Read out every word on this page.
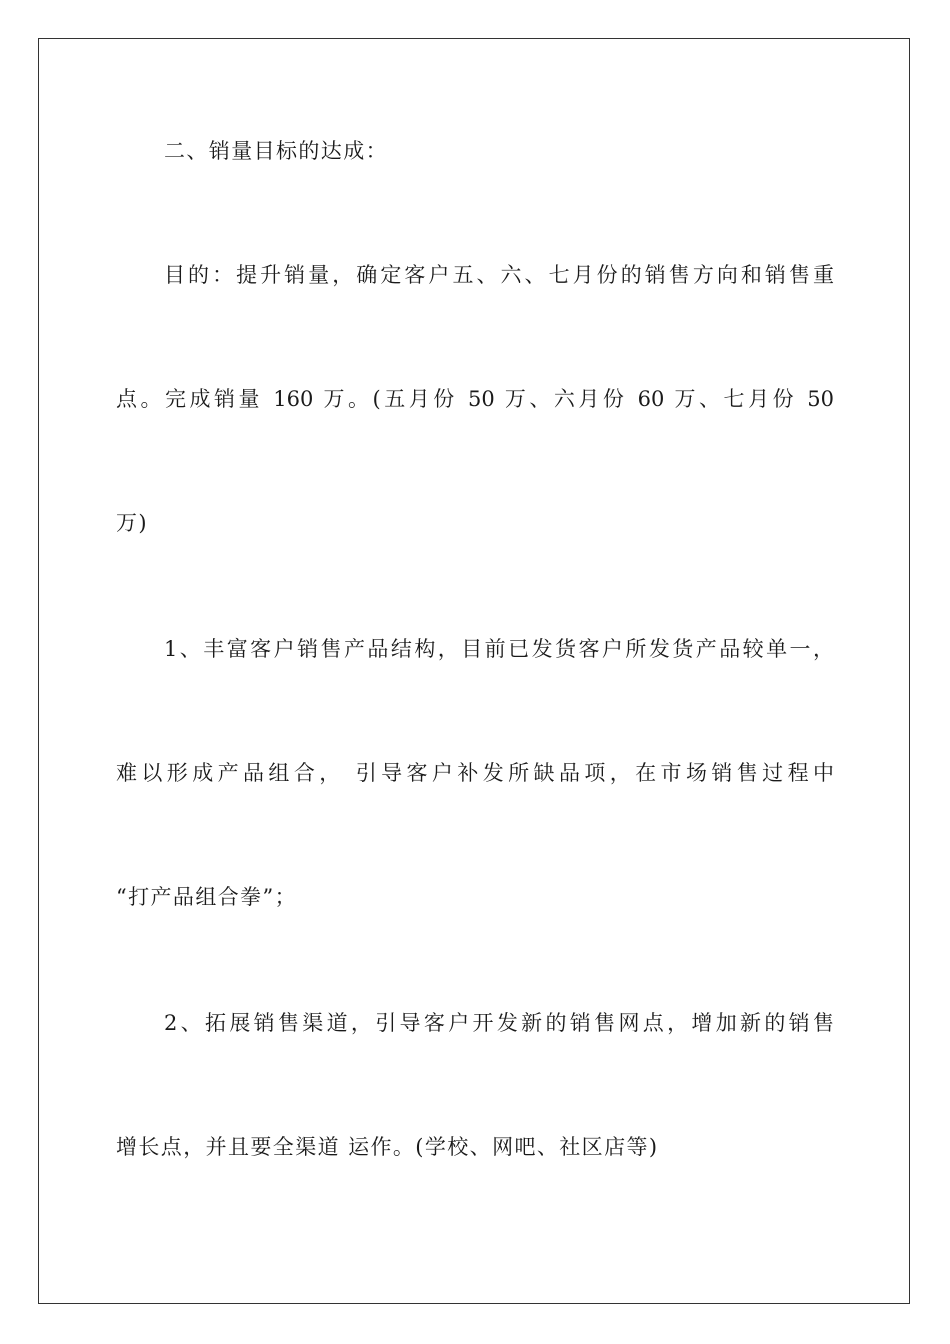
二、销量目标的达成：

目的：提升销量，确定客户五、六、七月份的销售方向和销售重

点。完成销量 160 万。(五月份 50 万、六月份 60 万、七月份 50

万)

1、丰富客户销售产品结构，目前已发货客户所发货产品较单一，

难以形成产品组合， 引导客户补发所缺品项，在市场销售过程中

“打产品组合拳”；

2、拓展销售渠道，引导客户开发新的销售网点，增加新的销售

增长点，并且要全渠道 运作。(学校、网吧、社区店等)
